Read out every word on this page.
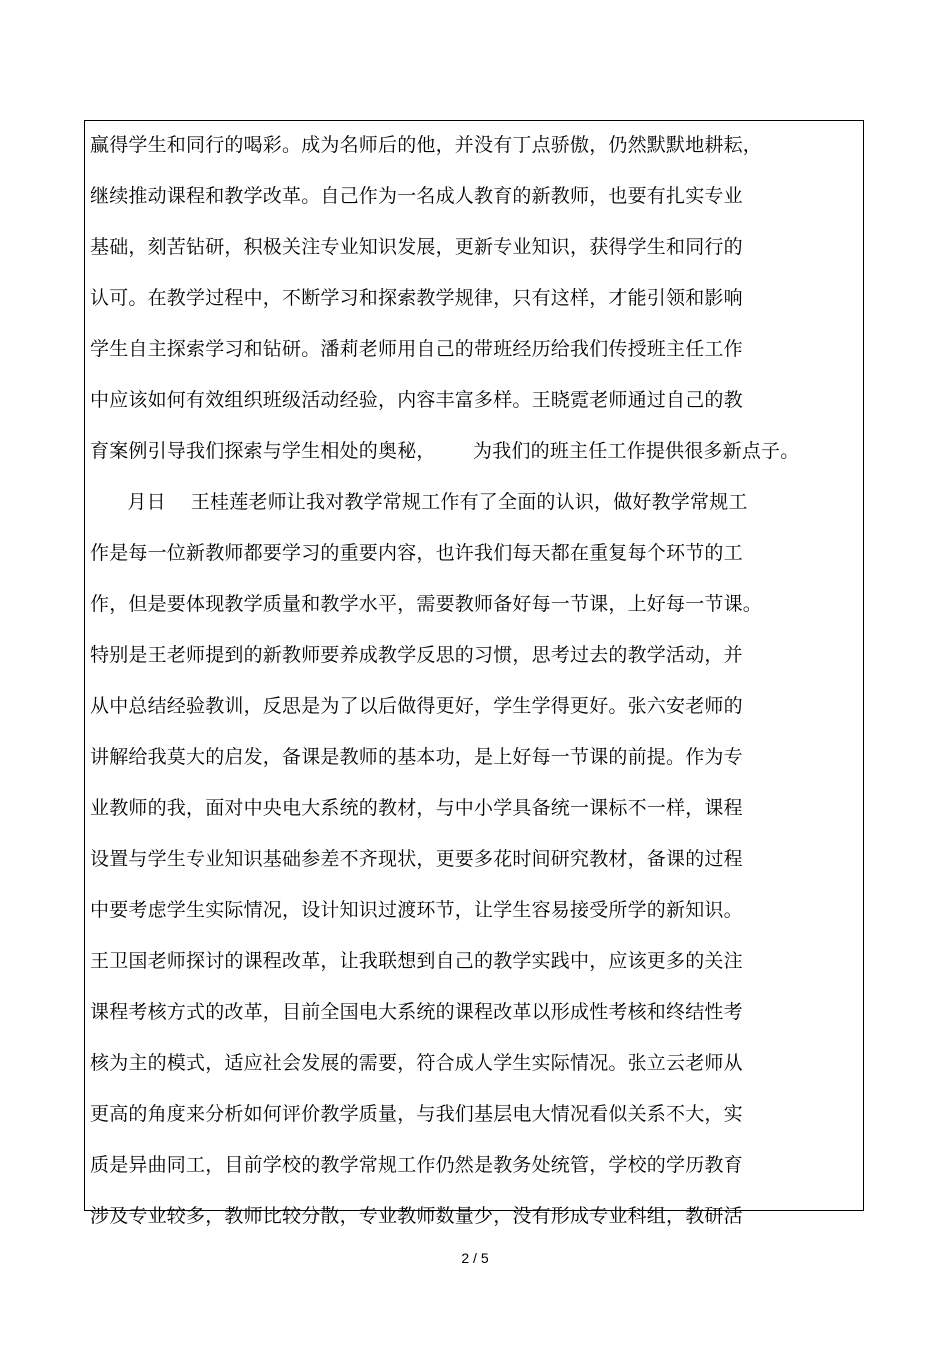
赢得学生和同行的喝彩。成为名师后的他，并没有丁点骄傲，仍然默默地耕耘，
继续推动课程和教学改革。自己作为一名成人教育的新教师，也要有扎实专业
基础，刻苦钻研，积极关注专业知识发展，更新专业知识，获得学生和同行的
认可。在教学过程中，不断学习和探索教学规律，只有这样，才能引领和影响
学生自主探索学习和钻研。潘莉老师用自己的带班经历给我们传授班主任工作
中应该如何有效组织班级活动经验，内容丰富多样。王晓霓老师通过自己的教
育案例引导我们探索与学生相处的奥秘，      为我们的班主任工作提供很多新点子。
月日    王桂莲老师让我对教学常规工作有了全面的认识，做好教学常规工
作是每一位新教师都要学习的重要内容，也许我们每天都在重复每个环节的工
作，但是要体现教学质量和教学水平，需要教师备好每一节课，上好每一节课。
特别是王老师提到的新教师要养成教学反思的习惯，思考过去的教学活动，并
从中总结经验教训，反思是为了以后做得更好，学生学得更好。张六安老师的
讲解给我莫大的启发，备课是教师的基本功，是上好每一节课的前提。作为专
业教师的我，面对中央电大系统的教材，与中小学具备统一课标不一样，课程
设置与学生专业知识基础参差不齐现状，更要多花时间研究教材，备课的过程
中要考虑学生实际情况，设计知识过渡环节，让学生容易接受所学的新知识。
王卫国老师探讨的课程改革，让我联想到自己的教学实践中，应该更多的关注
课程考核方式的改革，目前全国电大系统的课程改革以形成性考核和终结性考
核为主的模式，适应社会发展的需要，符合成人学生实际情况。张立云老师从
更高的角度来分析如何评价教学质量，与我们基层电大情况看似关系不大，实
质是异曲同工，目前学校的教学常规工作仍然是教务处统管，学校的学历教育
涉及专业较多，教师比较分散，专业教师数量少，没有形成专业科组，教研活
2 / 5
